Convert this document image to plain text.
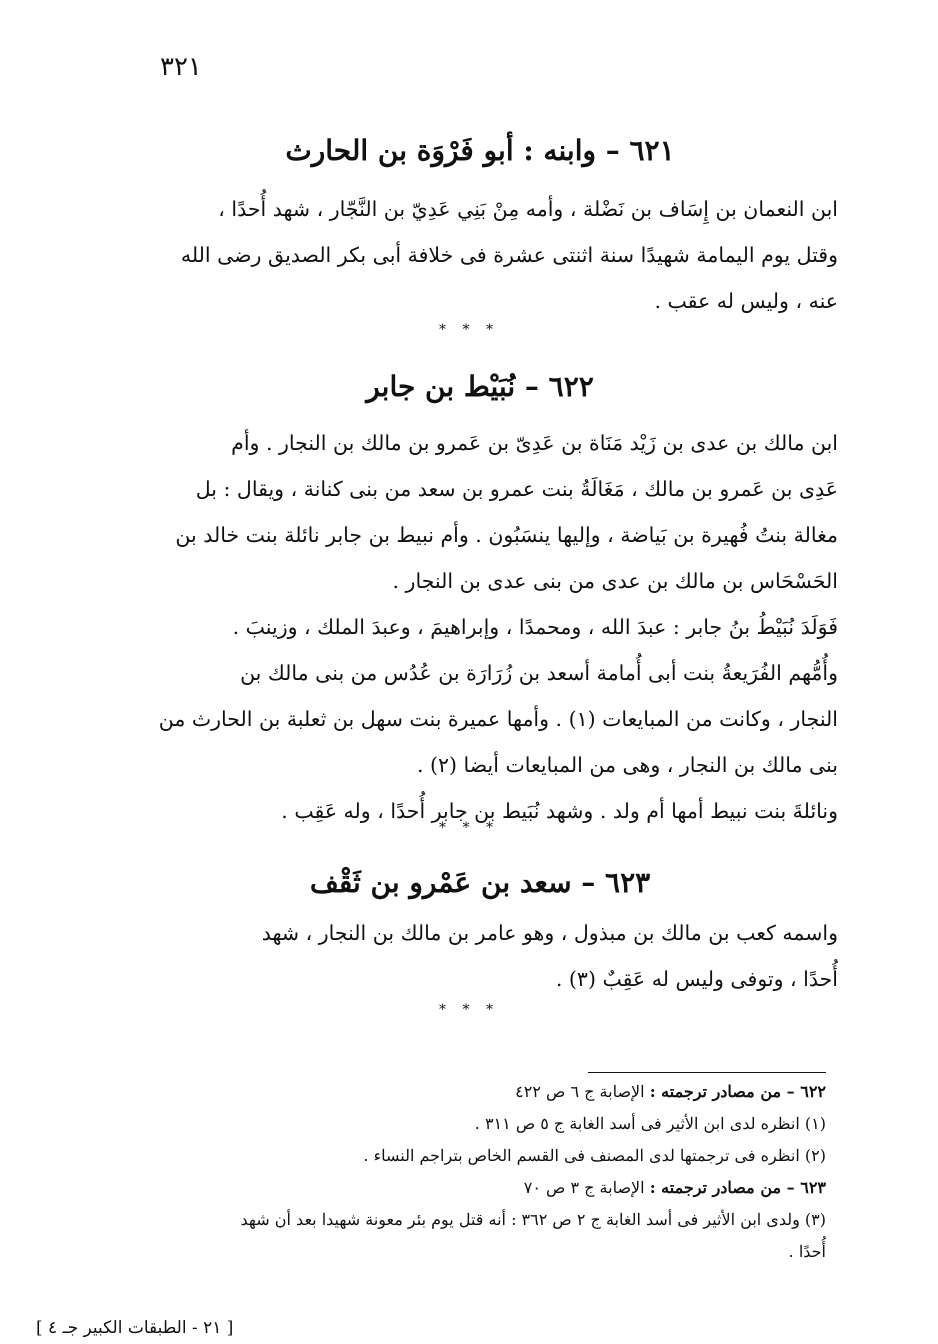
٣٢١
٦٢١ – وابنه : أبو فَرْوَة بن الحارث
ابن النعمان بن إِسَاف بن نَضْلة ، وأمه مِنْ بَنِي عَدِيّ بن النَّجّار ، شهد أُحدًا ،
وقتل يوم اليمامة شهيدًا سنة اثنتى عشرة فى خلافة أبى بكر الصديق رضى الله
عنه ، وليس له عقب .
* * *
٦٢٢ – نُبَيْط بن جابر
ابن مالك بن عدى بن زَيْد مَنَاة بن عَدِىّ بن عَمرو بن مالك بن النجار . وأم
عَدِى بن عَمرو بن مالك ، مَغَالَةُ بنت عمرو بن سعد من بنى كنانة ، ويقال : بل
مغالة بنتُ فُهيرة بن بَياضة ، وإليها ينسَبُون . وأم نبيط بن جابر نائلة بنت خالد بن
الحَسْحَاس بن مالك بن عدى من بنى عدى بن النجار .
فَوَلَدَ نُبَيْطُ بنُ جابر : عبدَ الله ، ومحمدًا ، وإبراهيمَ ، وعبدَ الملك ، وزينبَ .
وأُمُّهم الفُرَيعةُ بنت أبى أُمامة أسعد بن زُرَارَة بن عُدُس من بنى مالك بن
النجار ، وكانت من المبايعات (١) . وأمها عميرة بنت سهل بن ثعلبة بن الحارث من
بنى مالك بن النجار ، وهى من المبايعات أيضا (٢) .
ونائلةَ بنت نبيط أمها أم ولد . وشهد نُبَيط بن جابر أُحدًا ، وله عَقِب .
* * *
٦٢٣ – سعد بن عَمْرو بن ثَقْف
واسمه كعب بن مالك بن مبذول ، وهو عامر بن مالك بن النجار ، شهد
أُحدًا ، وتوفى وليس له عَقِبٌ (٣) .
* * *
٦٢٢ – من مصادر ترجمته : الإصابة ج ٦ ص ٤٢٢
(١) انظره لدى ابن الأثير فى أسد الغابة ج ٥ ص ٣١١ .
(٢) انظره فى ترجمتها لدى المصنف فى القسم الخاص بتراجم النساء .
٦٢٣ – من مصادر ترجمته : الإصابة ج ٣ ص ٧٠
(٣) ولدى ابن الأثير فى أسد الغابة ج ٢ ص ٣٦٢ : أنه قتل يوم بئر معونة شهيدا بعد أن شهد
أُحدًا .
[ ٢١ - الطبقات الكبير جـ ٤ ]
